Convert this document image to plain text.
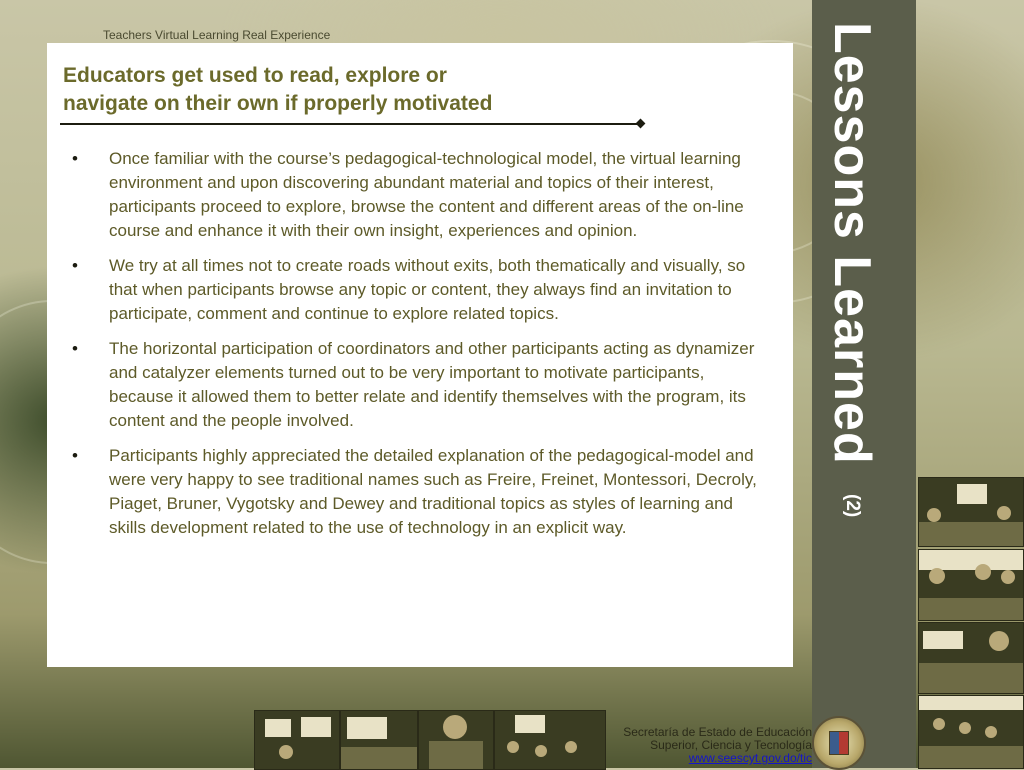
Teachers Virtual Learning Real Experience
Educators get used to read, explore or
navigate on their own if properly motivated
• Once familiar with the course’s pedagogical-technological model, the virtual learning environment and upon discovering abundant material and topics of their interest, participants proceed to explore, browse the content and different areas of the on-line course and enhance it with their own insight, experiences and opinion.
• We try at all times not to create roads without exits, both thematically and visually, so that when participants browse any topic or content, they always find an invitation to participate, comment and continue to explore related topics.
• The horizontal participation of coordinators and other participants acting as dynamizer and catalyzer elements turned out to be very important to motivate participants, because it allowed them to better relate and identify themselves with the program, its content and the people involved.
• Participants highly appreciated the detailed explanation of the pedagogical-model and were very happy to see traditional names such as Freire, Freinet, Montessori, Decroly, Piaget, Bruner, Vygotsky and Dewey and traditional topics as styles of learning and skills development related to the use of technology in an explicit way.
Lessons Learned (2)
Secretaría de Estado de Educación
Superior, Ciencia y Tecnología
www.seescyt.gov.do/tic
